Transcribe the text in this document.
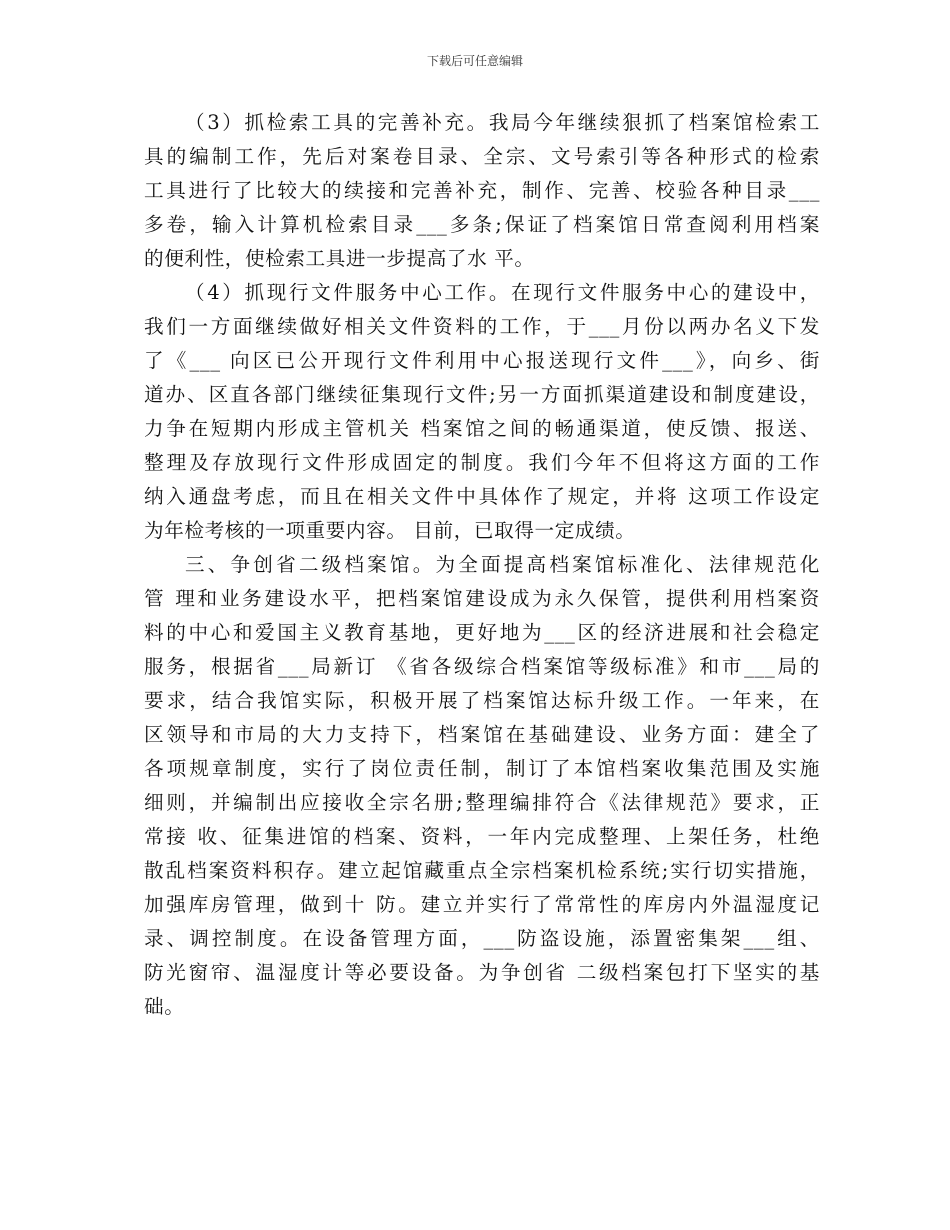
下载后可任意编辑
（3）抓检索工具的完善补充。我局今年继续狠抓了档案馆检索工
具的编制工作，先后对案卷目录、全宗、文号索引等各种形式的检索
工具进行了比较大的续接和完善补充，制作、完善、校验各种目录___
多卷，输入计算机检索目录___多条;保证了档案馆日常查阅利用档案
的便利性，使检索工具进一步提高了水 平。
（4）抓现行文件服务中心工作。在现行文件服务中心的建设中，
我们一方面继续做好相关文件资料的工作，于___月份以两办名义下发
了《___ 向区已公开现行文件利用中心报送现行文件___》，向乡、街
道办、区直各部门继续征集现行文件;另一方面抓渠道建设和制度建设，
力争在短期内形成主管机关 档案馆之间的畅通渠道，使反馈、报送、
整理及存放现行文件形成固定的制度。我们今年不但将这方面的工作
纳入通盘考虑，而且在相关文件中具体作了规定，并将 这项工作设定
为年检考核的一项重要内容。 目前，已取得一定成绩。
三、争创省二级档案馆。为全面提高档案馆标准化、法律规范化
管 理和业务建设水平，把档案馆建设成为永久保管，提供利用档案资
料的中心和爱国主义教育基地，更好地为___区的经济进展和社会稳定
服务，根据省___局新订 《省各级综合档案馆等级标准》和市___局的
要求，结合我馆实际，积极开展了档案馆达标升级工作。一年来，在
区领导和市局的大力支持下，档案馆在基础建设、业务方面：建全了
各项规章制度，实行了岗位责任制，制订了本馆档案收集范围及实施
细则，并编制出应接收全宗名册;整理编排符合《法律规范》要求，正
常接 收、征集进馆的档案、资料，一年内完成整理、上架任务，杜绝
散乱档案资料积存。建立起馆藏重点全宗档案机检系统;实行切实措施，
加强库房管理，做到十 防。建立并实行了常常性的库房内外温湿度记
录、调控制度。在设备管理方面，___防盗设施，添置密集架___组、
防光窗帘、温湿度计等必要设备。为争创省 二级档案包打下坚实的基
础。
